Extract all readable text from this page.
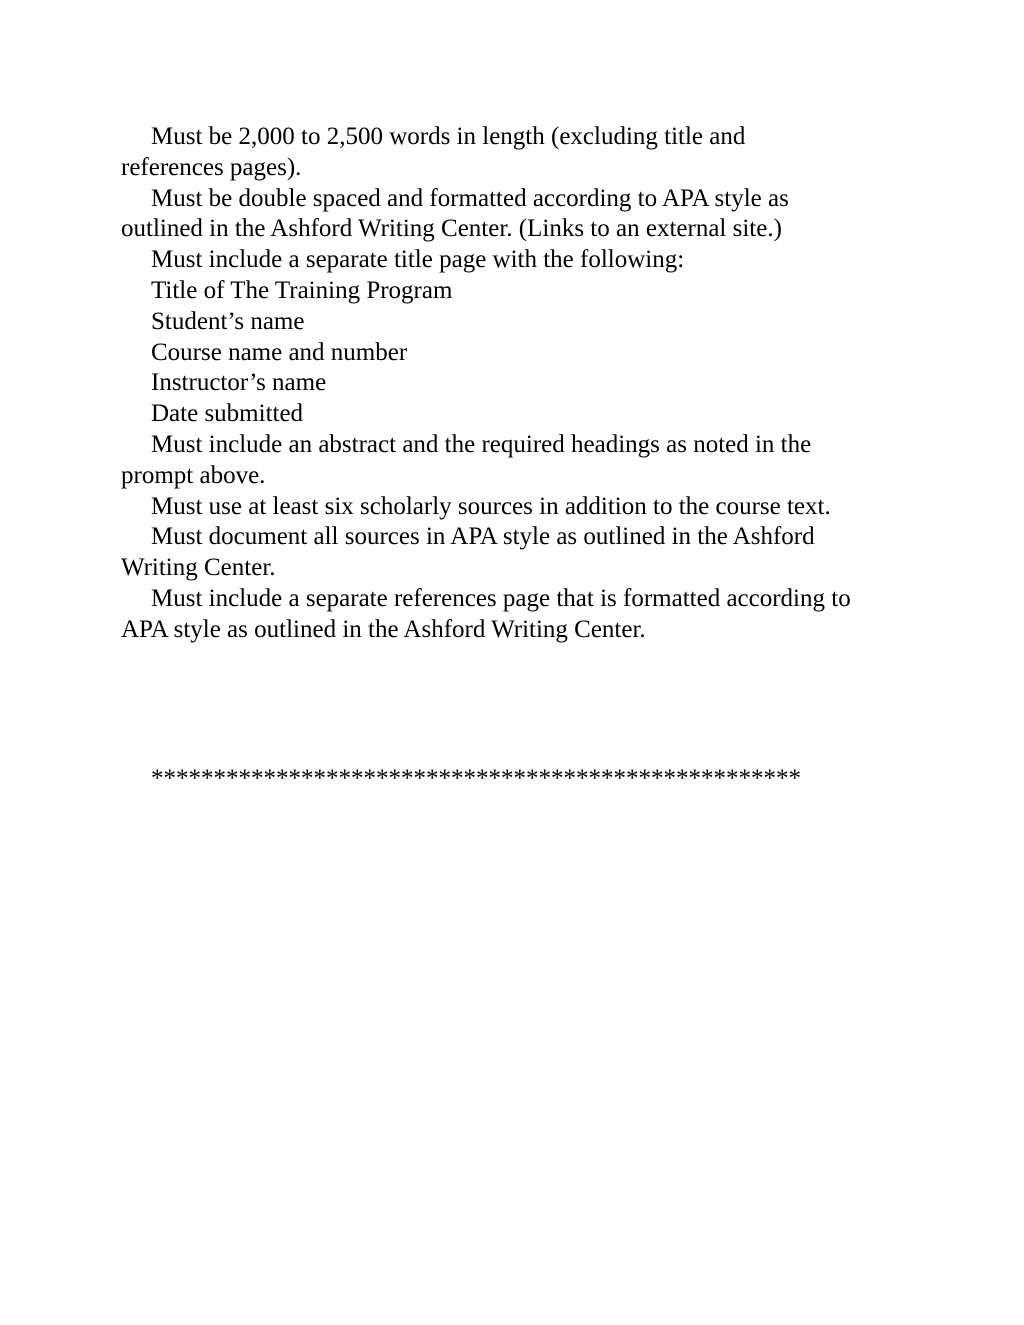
Must be 2,000 to 2,500 words in length (excluding title and
references pages).

Must be double spaced and formatted according to APA style as
outlined in the Ashford Writing Center. (Links to an external site.)

Must include a separate title page with the following:

Title of The Training Program

Student’s name

Course name and number

Instructor’s name

Date submitted

Must include an abstract and the required headings as noted in the
prompt above.

Must use at least six scholarly sources in addition to the course text.

Must document all sources in APA style as outlined in the Ashford
Writing Center.

Must include a separate references page that is formatted according to
APA style as outlined in the Ashford Writing Center.

****************************************************
